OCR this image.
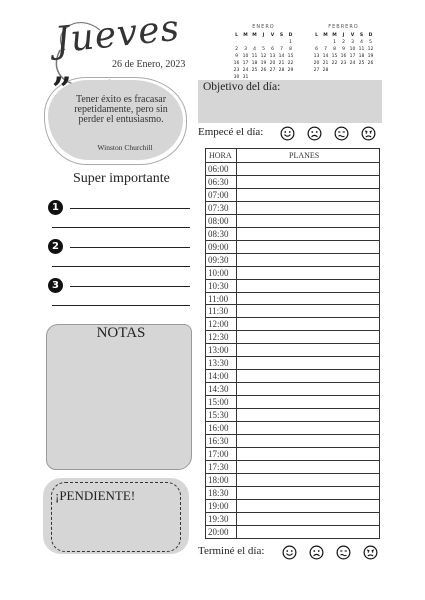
Jueves
26 de Enero, 2023
ENERO
L	M	M	J	V	S	D
						1
2	3	4	5	6	7	8
9	10	11	12	13	14	15
16	17	18	19	20	21	22
23	24	25	26	27	28	29
30	31					
FEBRERO
L	M	M	J	V	S	D
		1	2	3	4	5
6	7	8	9	10	11	12
13	14	15	16	17	18	19
20	21	22	23	24	25	26
27	28					
” Tener éxito es fracasar repetidamente, pero sin perder el entusiasmo.
Winston Churchill
Super importante
1
2
3
NOTAS
¡PENDIENTE!
Objetivo del día:
Empecé el día:
HORA	PLANES
06:00
06:30
07:00
07:30
08:00
08:30
09:00
09:30
10:00
10:30
11:00
11:30
12:00
12:30
13:00
13:30
14:00
14:30
15:00
15:30
16:00
16:30
17:00
17:30
18:00
18:30
19:00
19:30
20:00
Terminé el día:
